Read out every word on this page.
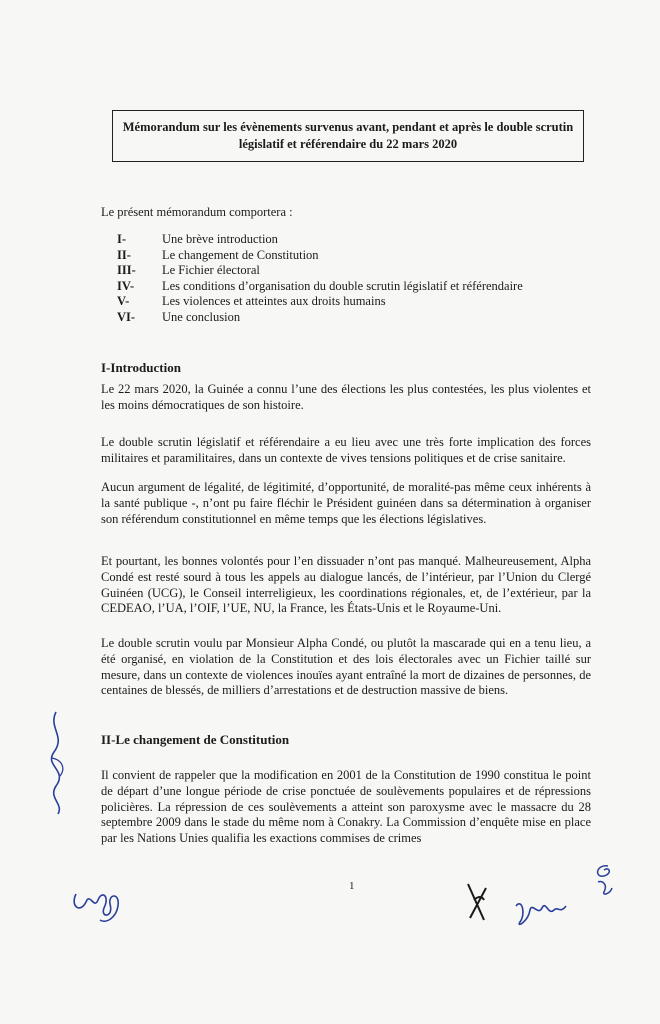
Mémorandum sur les évènements survenus avant, pendant et après le double scrutin
législatif et référendaire du 22 mars 2020
Le présent mémorandum comportera :
I-	Une brève introduction
II-	Le changement de Constitution
III-	Le Fichier électoral
IV-	Les conditions d’organisation du double scrutin législatif et référendaire
V-	Les violences et atteintes aux droits humains
VI-	Une conclusion
I-Introduction
Le 22 mars 2020, la Guinée a connu l’une des élections les plus contestées, les plus violentes et les moins démocratiques de son histoire.
Le double scrutin législatif et référendaire a eu lieu avec une très forte implication des forces militaires et paramilitaires, dans un contexte de vives tensions politiques et de crise sanitaire.
Aucun argument de légalité, de légitimité, d’opportunité, de moralité-pas même ceux inhérents à la santé publique -, n’ont pu faire fléchir le Président guinéen dans sa détermination à organiser son référendum constitutionnel en même temps que les élections législatives.
Et pourtant, les bonnes volontés pour l’en dissuader n’ont pas manqué. Malheureusement, Alpha Condé est resté sourd à tous les appels au dialogue lancés, de l’intérieur, par l’Union du Clergé Guinéen (UCG), le Conseil interreligieux, les coordinations régionales, et, de l’extérieur, par la CEDEAO, l’UA, l’OIF, l’UE, NU, la France, les États-Unis et le Royaume-Uni.
Le double scrutin voulu par Monsieur Alpha Condé, ou plutôt la mascarade qui en a tenu lieu, a été organisé, en violation de la Constitution et des lois électorales avec un Fichier taillé sur mesure, dans un contexte de violences inouïes ayant entraîné la mort de dizaines de personnes, de centaines de blessés, de milliers d’arrestations et de destruction massive de biens.
II-Le changement de Constitution
Il convient de rappeler que la modification en 2001 de la Constitution de 1990 constitua le point de départ d’une longue période de crise ponctuée de soulèvements populaires et de répressions policières. La répression de ces soulèvements a atteint son paroxysme avec le massacre du 28 septembre 2009 dans le stade du même nom à Conakry. La Commission d’enquête mise en place par les Nations Unies qualifia les exactions commises de crimes
1
